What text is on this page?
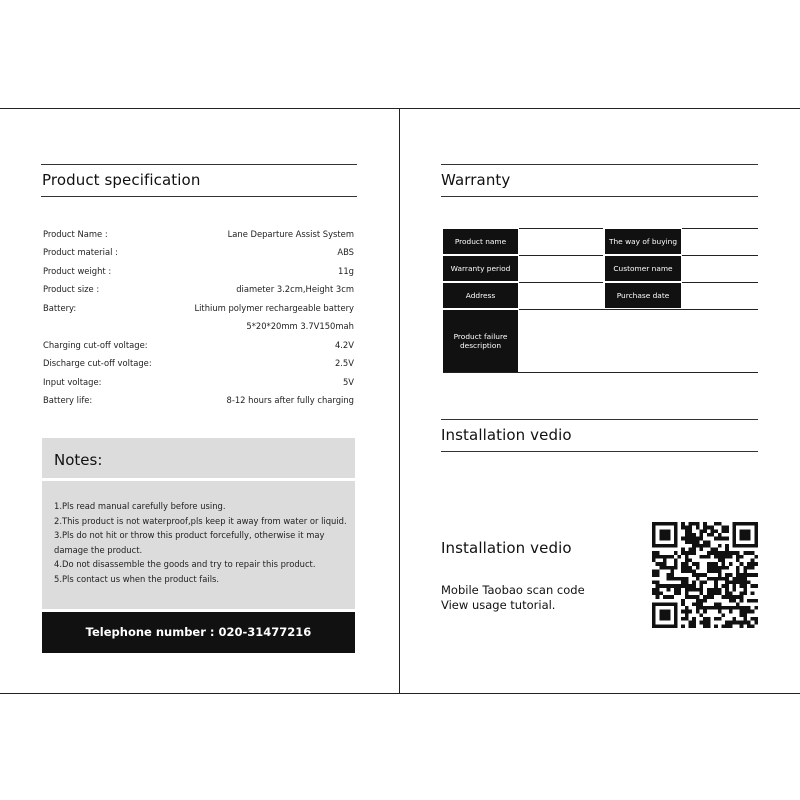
Product specification
Product Name :	Lane Departure Assist System
Product material :	ABS
Product weight :	11g
Product size :	diameter 3.2cm,Height 3cm
Battery:	Lithium polymer rechargeable battery
5*20*20mm 3.7V150mah
Charging cut-off voltage:	4.2V
Discharge cut-off voltage:	2.5V
Input voltage:	5V
Battery life:	8-12 hours after fully charging
Notes:
1.Pls read manual carefully before using.
2.This product is not waterproof,pls keep it away from water or liquid.
3.Pls do not hit or throw this product forcefully, otherwise it may
damage the product.
4.Do not disassemble the goods and try to repair this product.
5.Pls contact us when the product fails.
Telephone number : 020-31477216
Warranty
Product name	The way of buying
Warranty period	Customer name
Address	Purchase date
Product failure description
Installation vedio
Installation vedio
Mobile Taobao scan code
View usage tutorial.
